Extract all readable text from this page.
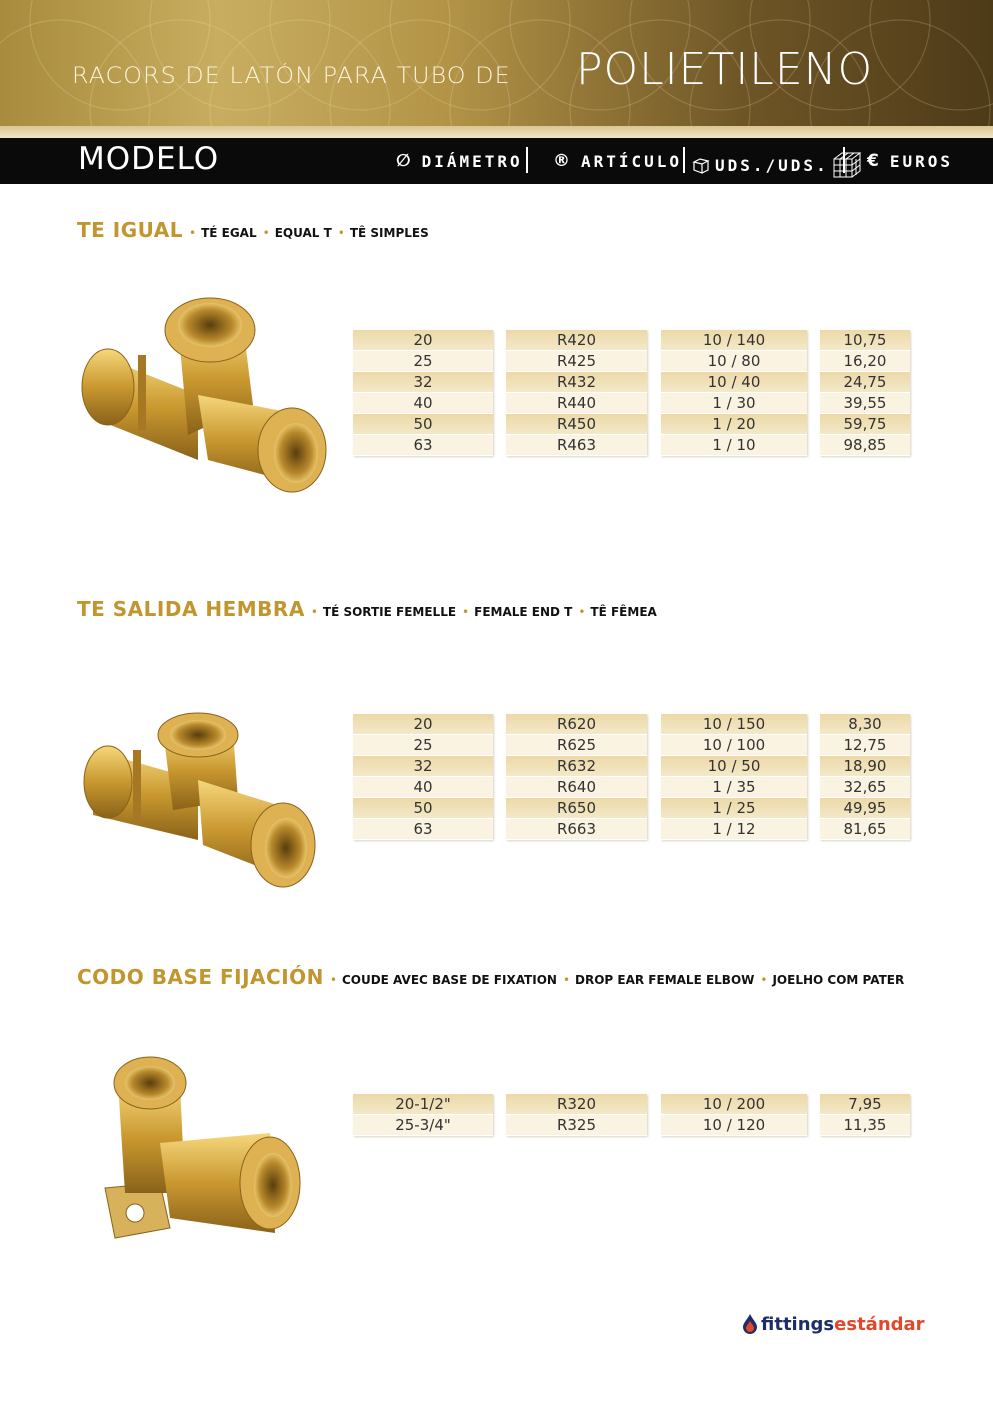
RACORS DE LATÓN PARA TUBO DE POLIETILENO
MODELO	∅ DIÁMETRO ® ARTÍCULO UDS./UDS. € EUROS
TE IGUAL • TÉ EGAL • EQUAL T • TÊ SIMPLES
20
25
32
40
50
63
R420
R425
R432
R440
R450
R463
10 / 140
10 / 80
10 / 40
1 / 30
1 / 20
1 / 10
10,75
16,20
24,75
39,55
59,75
98,85
TE SALIDA HEMBRA • TÉ SORTIE FEMELLE • FEMALE END T • TÊ FÊMEA
20
25
32
40
50
63
R620
R625
R632
R640
R650
R663
10 / 150
10 / 100
10 / 50
1 / 35
1 / 25
1 / 12
8,30
12,75
18,90
32,65
49,95
81,65
CODO BASE FIJACIÓN • COUDE AVEC BASE DE FIXATION • DROP EAR FEMALE ELBOW • JOELHO COM PATER
20-1/2"
25-3/4"
R320
R325
10 / 200
10 / 120
7,95
11,35
fittings estándar
